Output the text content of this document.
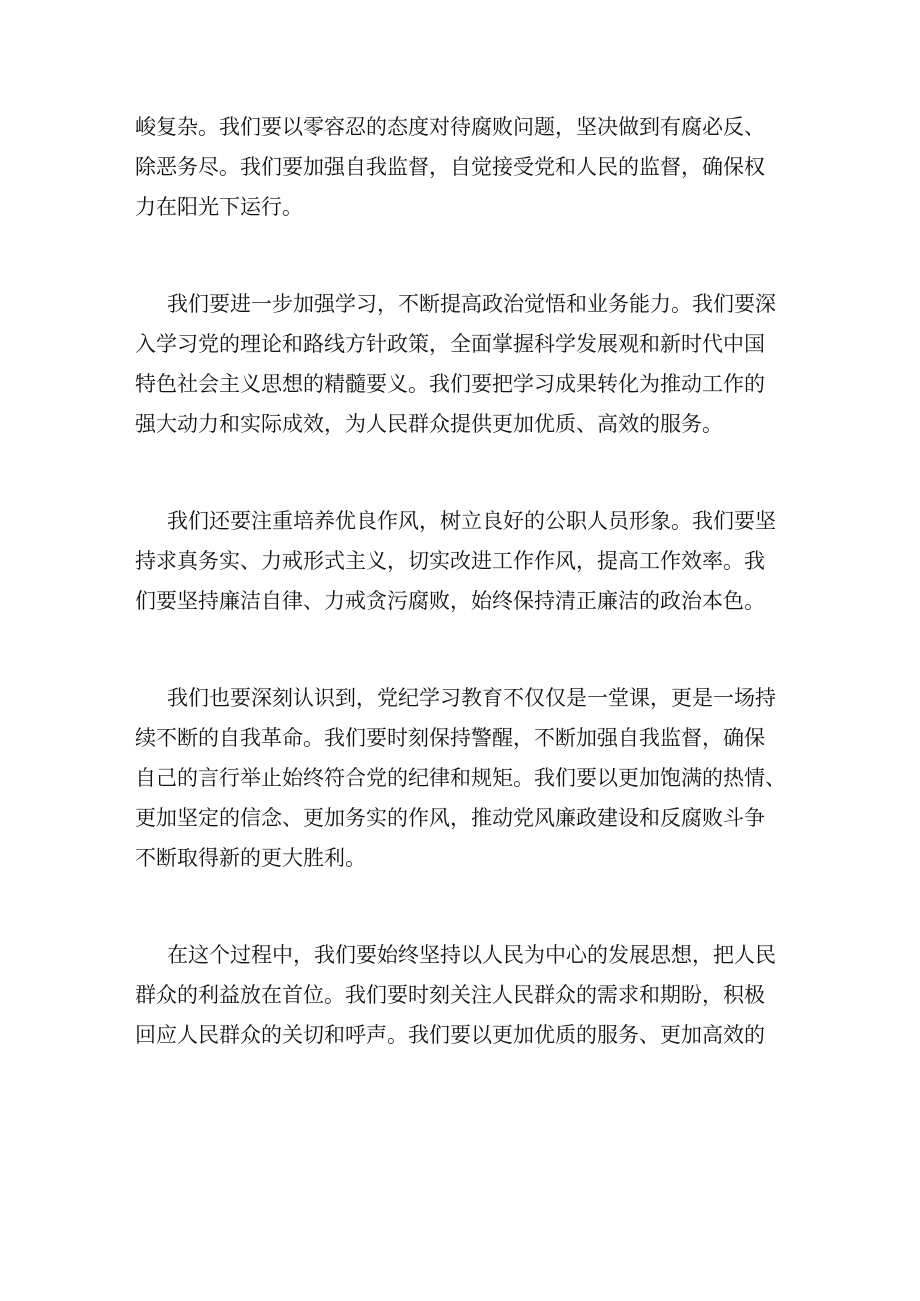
峻复杂。我们要以零容忍的态度对待腐败问题，坚决做到有腐必反、
除恶务尽。我们要加强自我监督，自觉接受党和人民的监督，确保权
力在阳光下运行。
我们要进一步加强学习，不断提高政治觉悟和业务能力。我们要深
入学习党的理论和路线方针政策，全面掌握科学发展观和新时代中国
特色社会主义思想的精髓要义。我们要把学习成果转化为推动工作的
强大动力和实际成效，为人民群众提供更加优质、高效的服务。
我们还要注重培养优良作风，树立良好的公职人员形象。我们要坚
持求真务实、力戒形式主义，切实改进工作作风，提高工作效率。我
们要坚持廉洁自律、力戒贪污腐败，始终保持清正廉洁的政治本色。
我们也要深刻认识到，党纪学习教育不仅仅是一堂课，更是一场持
续不断的自我革命。我们要时刻保持警醒，不断加强自我监督，确保
自己的言行举止始终符合党的纪律和规矩。我们要以更加饱满的热情、
更加坚定的信念、更加务实的作风，推动党风廉政建设和反腐败斗争
不断取得新的更大胜利。
在这个过程中，我们要始终坚持以人民为中心的发展思想，把人民
群众的利益放在首位。我们要时刻关注人民群众的需求和期盼，积极
回应人民群众的关切和呼声。我们要以更加优质的服务、更加高效的
